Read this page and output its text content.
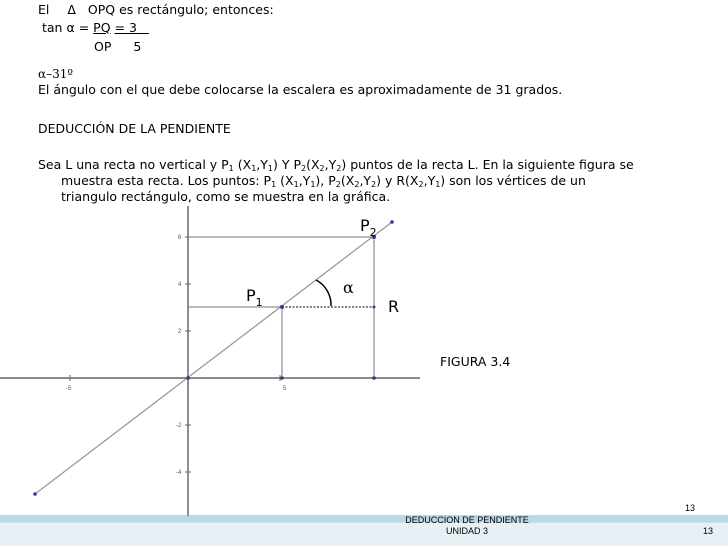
El Δ OPQ es rectángulo; entonces:
tan α = PQ = 3
OP 5
α–31º
El ángulo con el que debe colocarse la escalera es aproximadamente de 31 grados.
DEDUCCIÓN DE LA PENDIENTE
Sea L una recta no vertical y $P_1$ $(X_1,Y_1)$ Y $P_2(X_2,Y_2)$ puntos de la recta L. En la siguiente figura se
muestra esta recta. Los puntos: $P_1$ $(X_1,Y_1)$, $P_2(X_2,Y_2)$ y $R(X_2,Y_1)$ son los vértices de un
triangulo rectángulo, como se muestra en la gráfica.
-5	5
6
4
2
-2
-4
$P_2$
$P_1$
α
R
FIGURA 3.4
13
DEDUCCION DE PENDIENTE
UNIDAD 3	13
